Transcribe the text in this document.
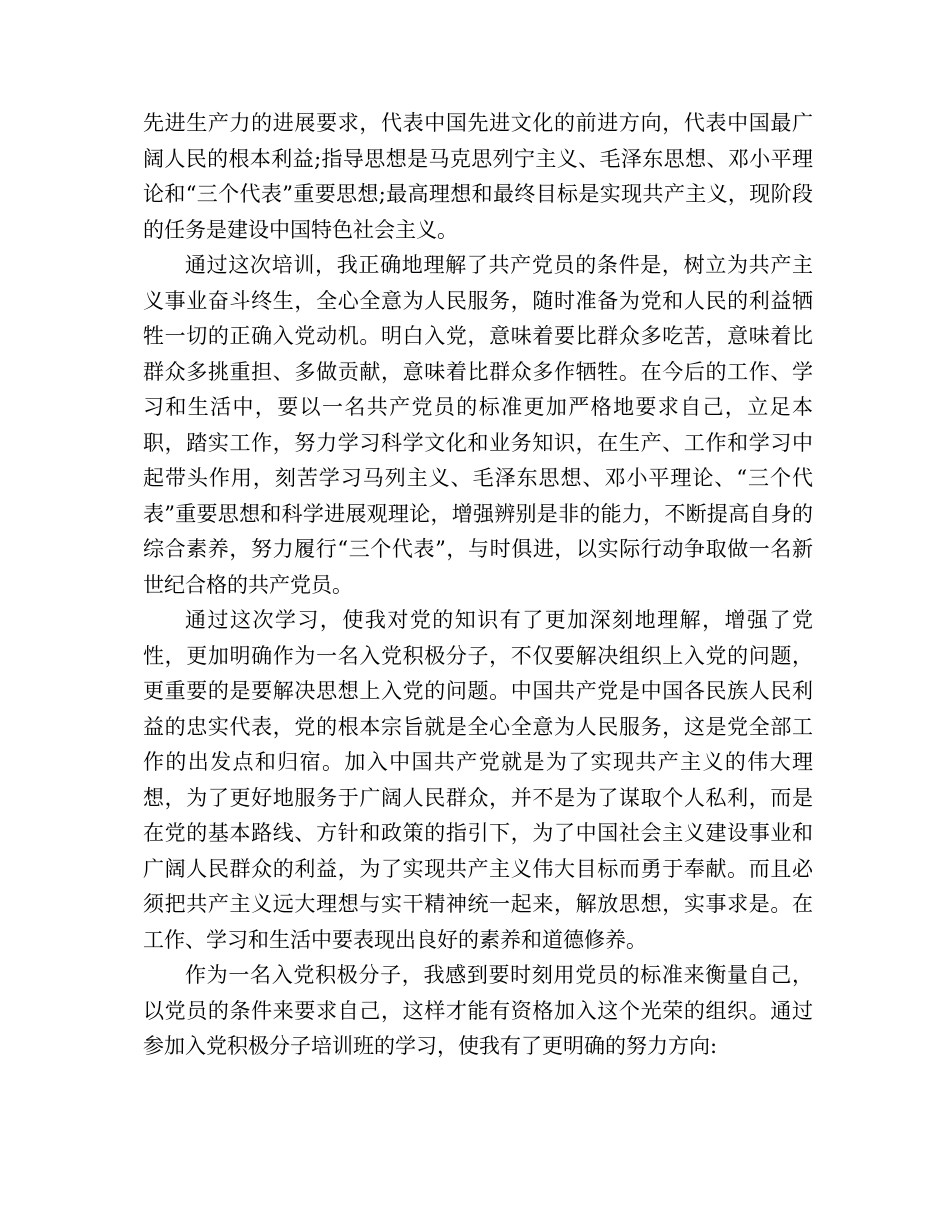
先进生产力的进展要求，代表中国先进文化的前进方向，代表中国最广阔人民的根本利益;指导思想是马克思列宁主义、毛泽东思想、邓小平理论和“三个代表”重要思想;最高理想和最终目标是实现共产主义，现阶段的任务是建设中国特色社会主义。

通过这次培训，我正确地理解了共产党员的条件是，树立为共产主义事业奋斗终生，全心全意为人民服务，随时准备为党和人民的利益牺牲一切的正确入党动机。明白入党，意味着要比群众多吃苦，意味着比群众多挑重担、多做贡献，意味着比群众多作牺牲。在今后的工作、学习和生活中，要以一名共产党员的标准更加严格地要求自己，立足本职，踏实工作，努力学习科学文化和业务知识，在生产、工作和学习中起带头作用，刻苦学习马列主义、毛泽东思想、邓小平理论、“三个代表”重要思想和科学进展观理论，增强辨别是非的能力，不断提高自身的综合素养，努力履行“三个代表”，与时俱进，以实际行动争取做一名新世纪合格的共产党员。

通过这次学习，使我对党的知识有了更加深刻地理解，增强了党性，更加明确作为一名入党积极分子，不仅要解决组织上入党的问题，更重要的是要解决思想上入党的问题。中国共产党是中国各民族人民利益的忠实代表，党的根本宗旨就是全心全意为人民服务，这是党全部工作的出发点和归宿。加入中国共产党就是为了实现共产主义的伟大理想，为了更好地服务于广阔人民群众，并不是为了谋取个人私利，而是在党的基本路线、方针和政策的指引下，为了中国社会主义建设事业和广阔人民群众的利益，为了实现共产主义伟大目标而勇于奉献。而且必须把共产主义远大理想与实干精神统一起来，解放思想，实事求是。在工作、学习和生活中要表现出良好的素养和道德修养。

作为一名入党积极分子，我感到要时刻用党员的标准来衡量自己，以党员的条件来要求自己，这样才能有资格加入这个光荣的组织。通过参加入党积极分子培训班的学习，使我有了更明确的努力方向:
